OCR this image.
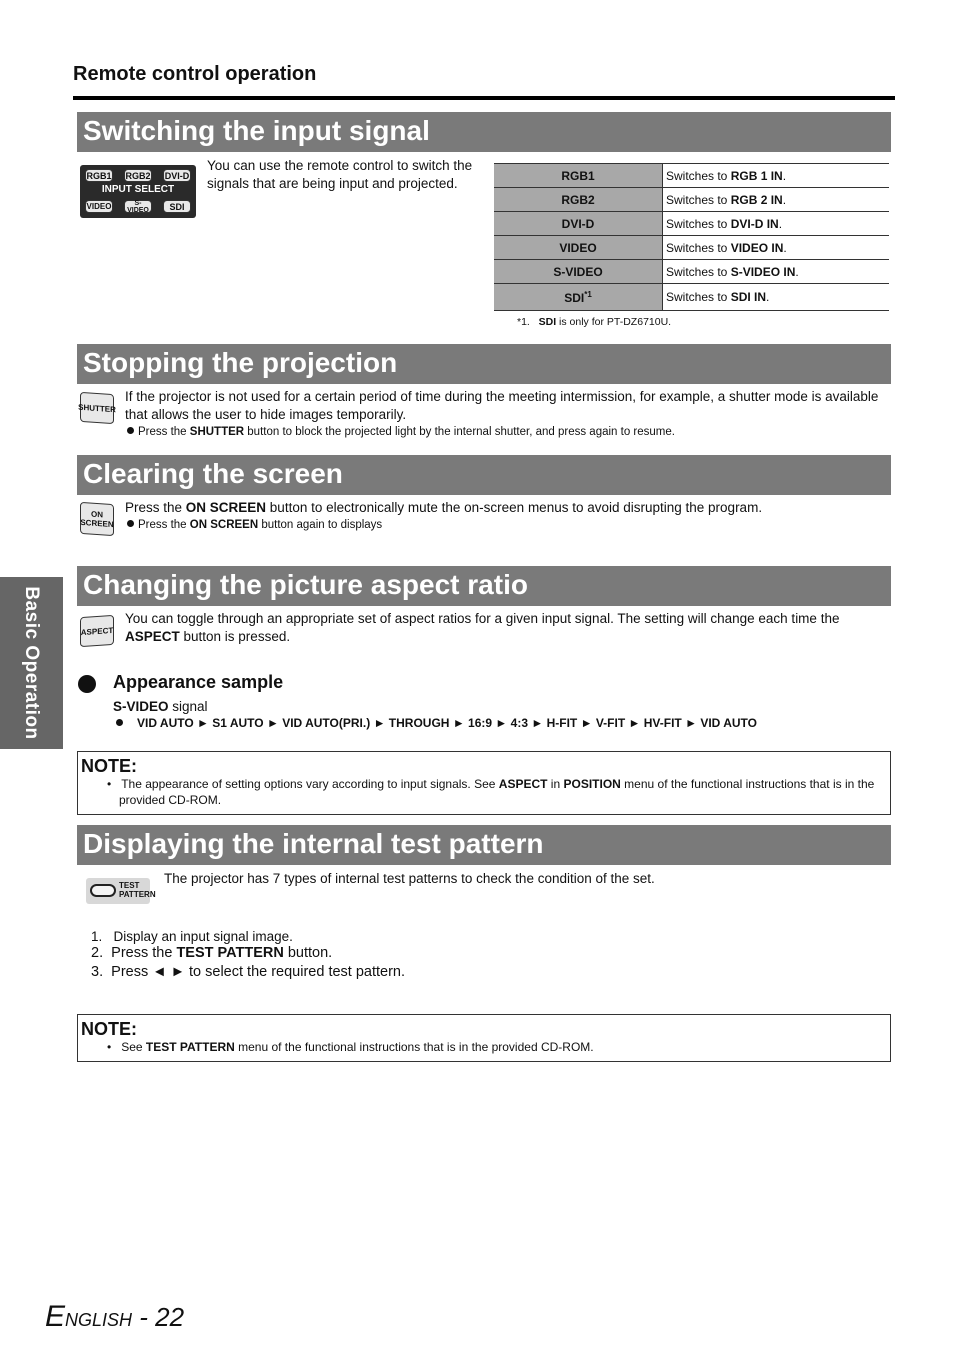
Remote control operation
Basic Operation
Switching the input signal
RGB1 RGB2 DVI-D
INPUT SELECT
VIDEO	S-VIDEO	SDI
You can use the remote control to switch the signals that are being input and projected.
RGB1	Switches to RGB 1 IN.
RGB2	Switches to RGB 2 IN.
DVI-D	Switches to DVI-D IN.
VIDEO	Switches to VIDEO IN.
S-VIDEO	Switches to S-VIDEO IN.
SDI$^{*1}$	Switches to SDI IN.
*1. SDI is only for PT-DZ6710U.
Stopping the projection
SHUTTER
If the projector is not used for a certain period of time during the meeting intermission, for example, a shutter mode is available that allows the user to hide images temporarily.
Press the SHUTTER button to block the projected light by the internal shutter, and press again to resume.
Clearing the screen
ON
SCREEN
Press the ON SCREEN button to electronically mute the on-screen menus to avoid disrupting the program.
Press the ON SCREEN button again to displays
Changing the picture aspect ratio
ASPECT
You can toggle through an appropriate set of aspect ratios for a given input signal. The setting will change each time the ASPECT button is pressed.
Appearance sample
S-VIDEO signal
VID AUTO ► S1 AUTO ► VID AUTO(PRI.) ► THROUGH ► 16:9 ► 4:3 ► H-FIT ► V-FIT ► HV-FIT ► VID AUTO
NOTE:
•   The appearance of setting options vary according to input signals. See ASPECT in POSITION menu of the functional instructions that is in the provided CD-ROM.
Displaying the internal test pattern
TEST
PATTERN
The projector has 7 types of internal test patterns to check the condition of the set.
1.   Display an input signal image.
2.  Press the TEST PATTERN button.
3.  Press ◄ ► to select the required test pattern.
NOTE:
•   See TEST PATTERN menu of the functional instructions that is in the provided CD-ROM.
English - 22
